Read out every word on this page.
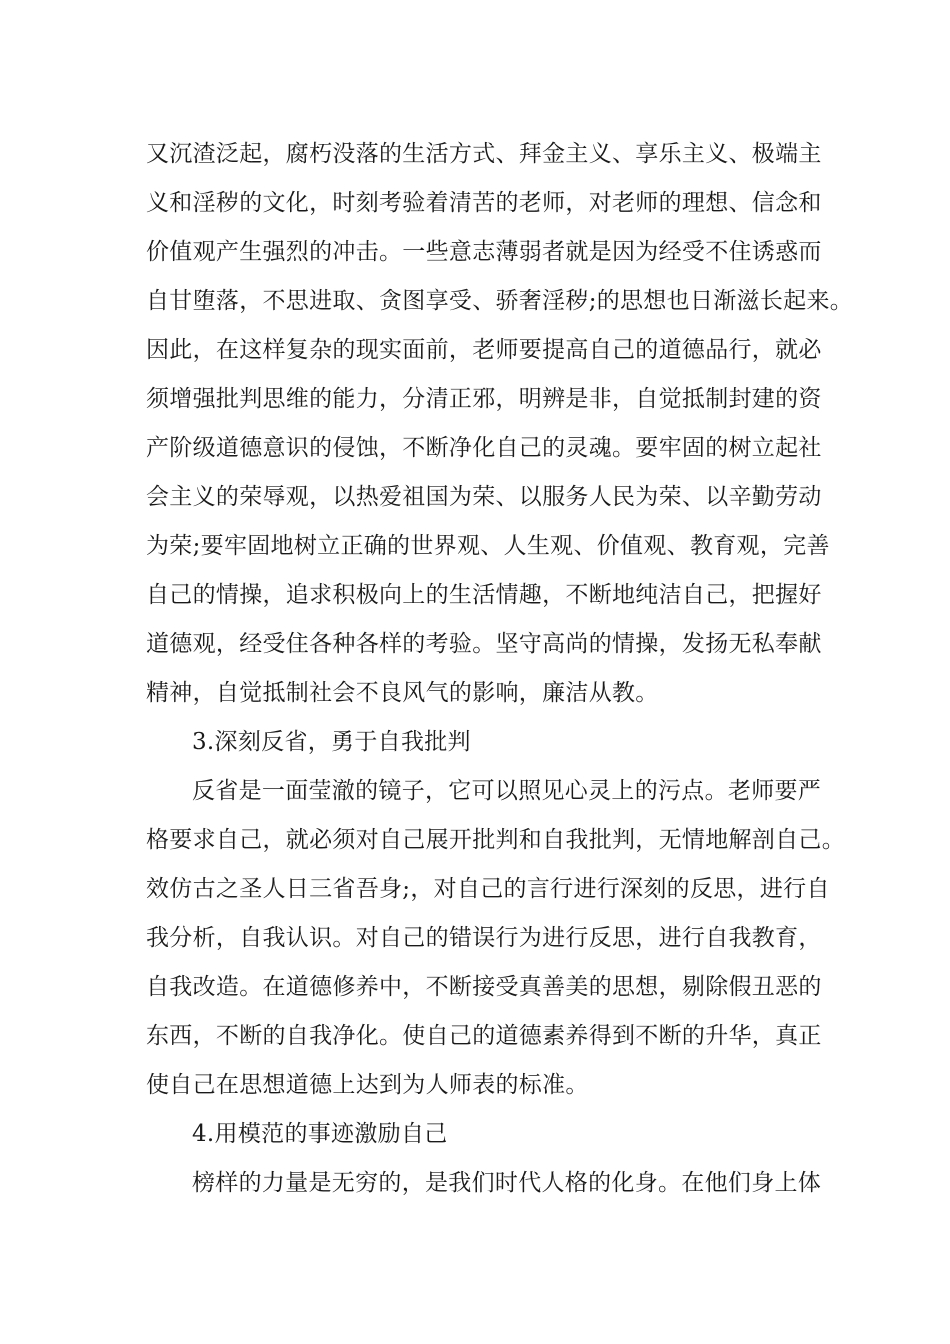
又沉渣泛起，腐朽没落的生活方式、拜金主义、享乐主义、极端主
义和淫秽的文化，时刻考验着清苦的老师，对老师的理想、信念和
价值观产生强烈的冲击。一些意志薄弱者就是因为经受不住诱惑而
自甘堕落，不思进取、贪图享受、骄奢淫秽;的思想也日渐滋长起来。
因此，在这样复杂的现实面前，老师要提高自己的道德品行，就必
须增强批判思维的能力，分清正邪，明辨是非，自觉抵制封建的资
产阶级道德意识的侵蚀，不断净化自己的灵魂。要牢固的树立起社
会主义的荣辱观，以热爱祖国为荣、以服务人民为荣、以辛勤劳动
为荣;要牢固地树立正确的世界观、人生观、价值观、教育观，完善
自己的情操，追求积极向上的生活情趣，不断地纯洁自己，把握好
道德观，经受住各种各样的考验。坚守高尚的情操，发扬无私奉献
精神，自觉抵制社会不良风气的影响，廉洁从教。
3.深刻反省，勇于自我批判
反省是一面莹澈的镜子，它可以照见心灵上的污点。老师要严
格要求自己，就必须对自己展开批判和自我批判，无情地解剖自己。
效仿古之圣人日三省吾身;，对自己的言行进行深刻的反思，进行自
我分析，自我认识。对自己的错误行为进行反思，进行自我教育，
自我改造。在道德修养中，不断接受真善美的思想，剔除假丑恶的
东西，不断的自我净化。使自己的道德素养得到不断的升华，真正
使自己在思想道德上达到为人师表的标准。
4.用模范的事迹激励自己
榜样的力量是无穷的，是我们时代人格的化身。在他们身上体
